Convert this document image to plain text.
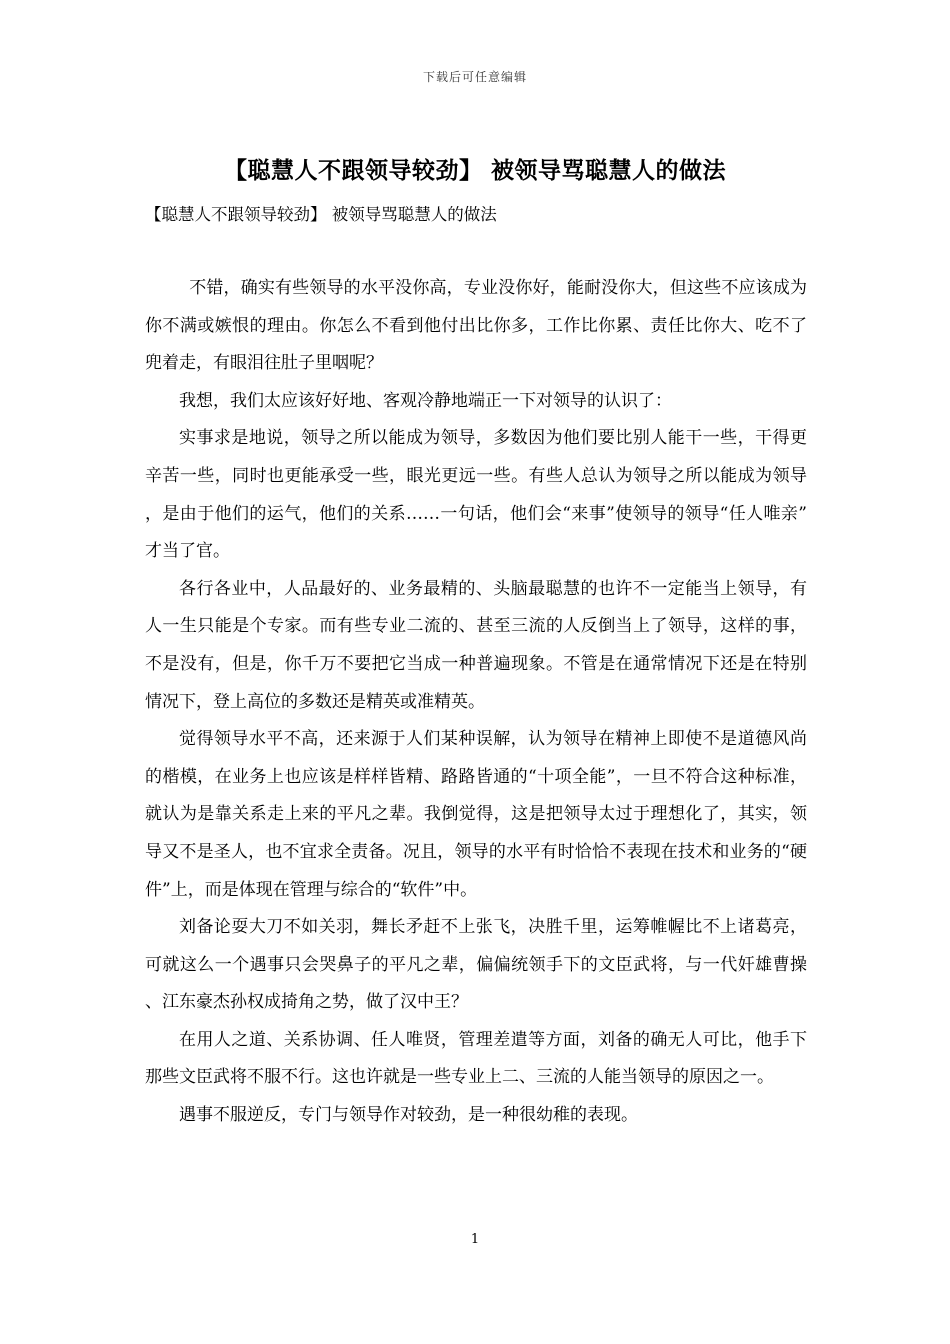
下载后可任意编辑
【聪慧人不跟领导较劲】 被领导骂聪慧人的做法
【聪慧人不跟领导较劲】 被领导骂聪慧人的做法

不错，确实有些领导的水平没你高，专业没你好，能耐没你大，但这些不应该成为你不满或嫉恨的理由。你怎么不看到他付出比你多，工作比你累、责任比你大、吃不了兜着走，有眼泪往肚子里咽呢？

我想，我们太应该好好地、客观冷静地端正一下对领导的认识了：

实事求是地说，领导之所以能成为领导，多数因为他们要比别人能干一些，干得更辛苦一些，同时也更能承受一些，眼光更远一些。有些人总认为领导之所以能成为领导，是由于他们的运气，他们的关系……一句话，他们会“来事”使领导的领导“任人唯亲”才当了官。

各行各业中，人品最好的、业务最精的、头脑最聪慧的也许不一定能当上领导，有人一生只能是个专家。而有些专业二流的、甚至三流的人反倒当上了领导，这样的事，不是没有，但是，你千万不要把它当成一种普遍现象。不管是在通常情况下还是在特别情况下，登上高位的多数还是精英或准精英。

觉得领导水平不高，还来源于人们某种误解，认为领导在精神上即使不是道德风尚的楷模，在业务上也应该是样样皆精、路路皆通的“十项全能”，一旦不符合这种标准，就认为是靠关系走上来的平凡之辈。我倒觉得，这是把领导太过于理想化了，其实，领导又不是圣人，也不宜求全责备。况且，领导的水平有时恰恰不表现在技术和业务的“硬件”上，而是体现在管理与综合的“软件”中。

刘备论耍大刀不如关羽，舞长矛赶不上张飞，决胜千里，运筹帷幄比不上诸葛亮，可就这么一个遇事只会哭鼻子的平凡之辈，偏偏统领手下的文臣武将，与一代奸雄曹操、江东豪杰孙权成掎角之势，做了汉中王？

在用人之道、关系协调、任人唯贤，管理差遣等方面，刘备的确无人可比，他手下那些文臣武将不服不行。这也许就是一些专业上二、三流的人能当领导的原因之一。

遇事不服逆反，专门与领导作对较劲，是一种很幼稚的表现。

1
